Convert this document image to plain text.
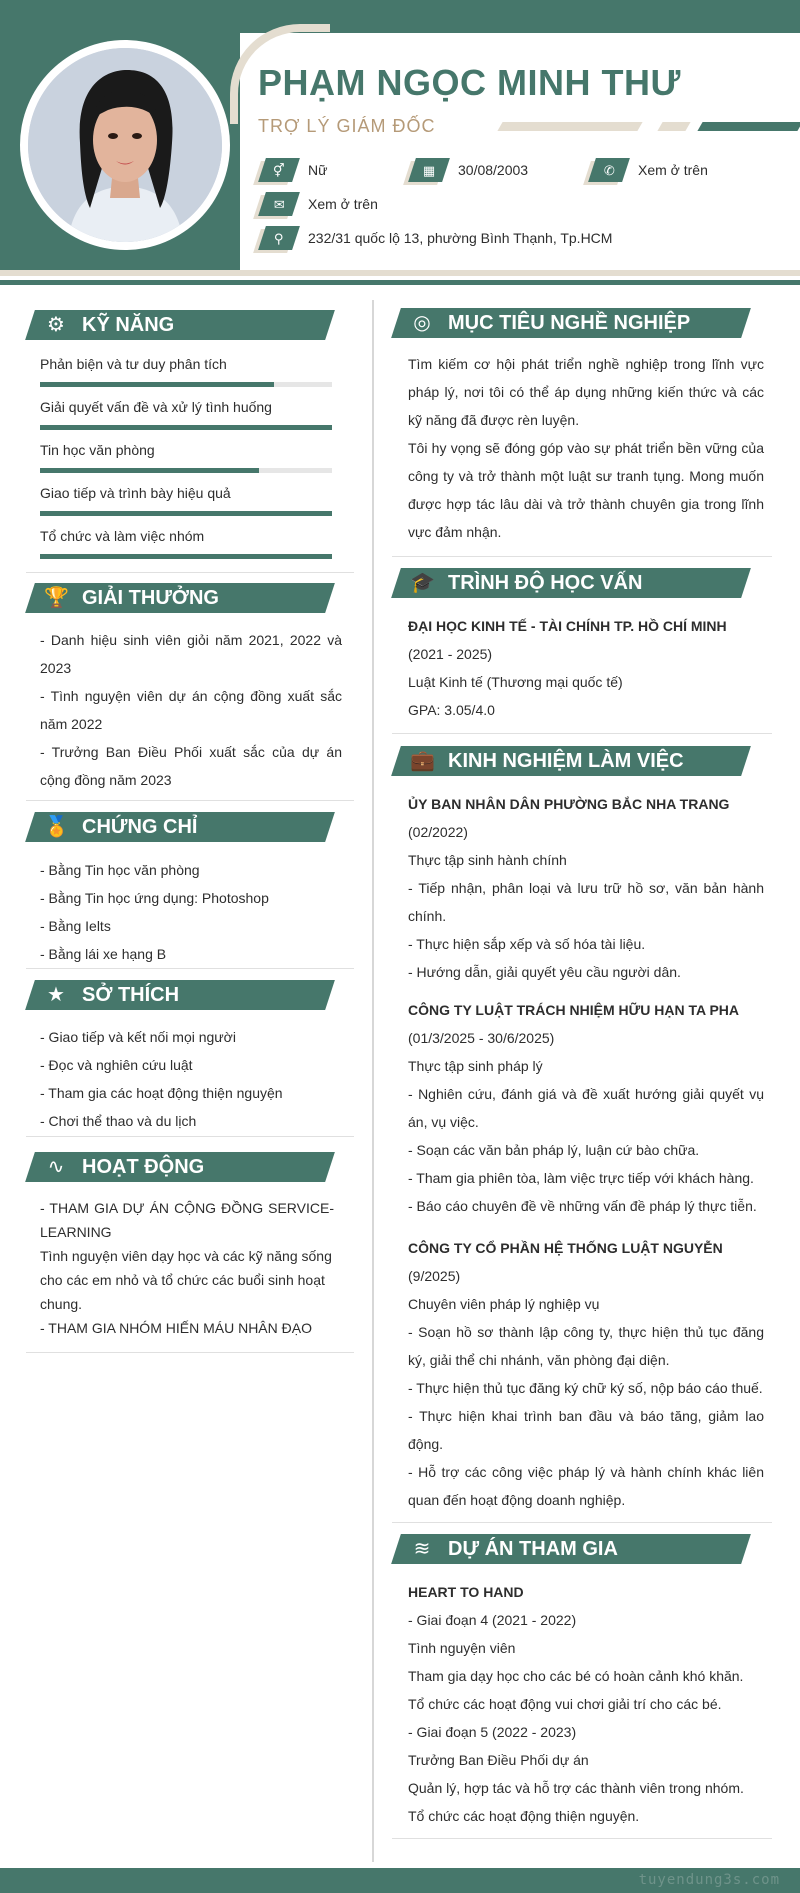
PHẠM NGỌC MINH THƯ
TRỢ LÝ GIÁM ĐỐC
⚥ Nữ	▦ 30/08/2003	✆ Xem ở trên
✉ Xem ở trên
⚲ 232/31 quốc lộ 13, phường Bình Thạnh, Tp.HCM
⚙ KỸ NĂNG
Phản biện và tư duy phân tích
Giải quyết vấn đề và xử lý tình huống
Tin học văn phòng
Giao tiếp và trình bày hiệu quả
Tổ chức và làm việc nhóm
🏆 GIẢI THƯỞNG
- Danh hiệu sinh viên giỏi năm 2021, 2022 và 2023
- Tình nguyện viên dự án cộng đồng xuất sắc năm 2022
- Trưởng Ban Điều Phối xuất sắc của dự án cộng đồng năm 2023
🏅 CHỨNG CHỈ
- Bằng Tin học văn phòng
- Bằng Tin học ứng dụng: Photoshop
- Bằng Ielts
- Bằng lái xe hạng B
★ SỞ THÍCH
- Giao tiếp và kết nối mọi người
- Đọc và nghiên cứu luật
- Tham gia các hoạt động thiện nguyện
- Chơi thể thao và du lịch
∿ HOẠT ĐỘNG
- THAM GIA DỰ ÁN CỘNG ĐỒNG SERVICE-LEARNING
Tình nguyện viên dạy học và các kỹ năng sống cho các em nhỏ và tổ chức các buổi sinh hoạt chung.
- THAM GIA NHÓM HIẾN MÁU NHÂN ĐẠO
◎ MỤC TIÊU NGHỀ NGHIỆP
Tìm kiếm cơ hội phát triển nghề nghiệp trong lĩnh vực pháp lý, nơi tôi có thể áp dụng những kiến thức và các kỹ năng đã được rèn luyện.
Tôi hy vọng sẽ đóng góp vào sự phát triển bền vững của công ty và trở thành một luật sư tranh tụng. Mong muốn được hợp tác lâu dài và trở thành chuyên gia trong lĩnh vực đảm nhận.
🎓 TRÌNH ĐỘ HỌC VẤN
ĐẠI HỌC KINH TẾ - TÀI CHÍNH TP. HỒ CHÍ MINH
(2021 - 2025)
Luật Kinh tế (Thương mại quốc tế)
GPA: 3.05/4.0
💼 KINH NGHIỆM LÀM VIỆC
ỦY BAN NHÂN DÂN PHƯỜNG BẮC NHA TRANG
(02/2022)
Thực tập sinh hành chính
- Tiếp nhận, phân loại và lưu trữ hồ sơ, văn bản hành chính.
- Thực hiện sắp xếp và số hóa tài liệu.
- Hướng dẫn, giải quyết yêu cầu người dân.
CÔNG TY LUẬT TRÁCH NHIỆM HỮU HẠN TA PHA
(01/3/2025 - 30/6/2025)
Thực tập sinh pháp lý
- Nghiên cứu, đánh giá và đề xuất hướng giải quyết vụ án, vụ việc.
- Soạn các văn bản pháp lý, luận cứ bào chữa.
- Tham gia phiên tòa, làm việc trực tiếp với khách hàng.
- Báo cáo chuyên đề về những vấn đề pháp lý thực tiễn.
CÔNG TY CỔ PHẦN HỆ THỐNG LUẬT NGUYỄN
(9/2025)
Chuyên viên pháp lý nghiệp vụ
- Soạn hồ sơ thành lập công ty, thực hiện thủ tục đăng ký, giải thể chi nhánh, văn phòng đại diện.
- Thực hiện thủ tục đăng ký chữ ký số, nộp báo cáo thuế.
- Thực hiện khai trình ban đầu và báo tăng, giảm lao động.
- Hỗ trợ các công việc pháp lý và hành chính khác liên quan đến hoạt động doanh nghiệp.
≋ DỰ ÁN THAM GIA
HEART TO HAND
- Giai đoạn 4 (2021 - 2022)
Tình nguyện viên
Tham gia dạy học cho các bé có hoàn cảnh khó khăn.
Tổ chức các hoạt động vui chơi giải trí cho các bé.
- Giai đoạn 5 (2022 - 2023)
Trưởng Ban Điều Phối dự án
Quản lý, hợp tác và hỗ trợ các thành viên trong nhóm.
Tổ chức các hoạt động thiện nguyện.
tuyendung3s.com
